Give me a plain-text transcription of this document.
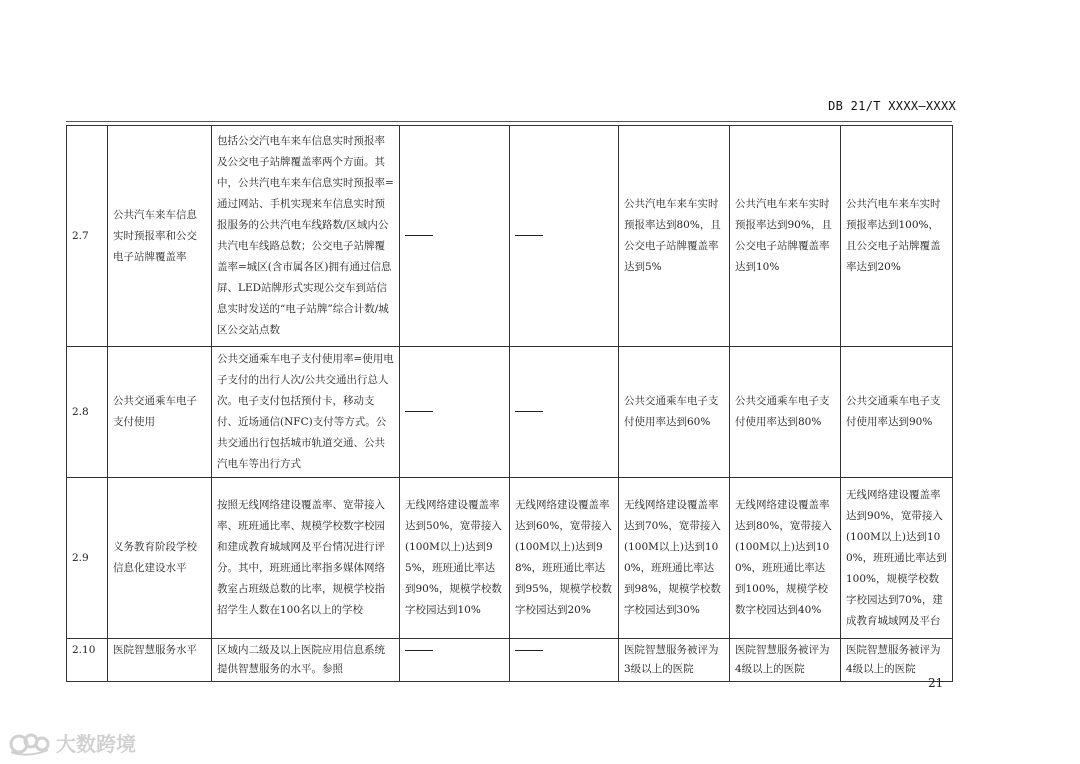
DB 21/T XXXX—XXXX
2.7	公共汽车来车信息实时预报率和公交电子站牌覆盖率	包括公交汽电车来车信息实时预报率及公交电子站牌覆盖率两个方面。其中，公共汽电车来车信息实时预报率=通过网站、手机实现来车信息实时预报服务的公共汽电车线路数/区域内公共汽电车线路总数；公交电子站牌覆盖率=城区(含市属各区)拥有通过信息屏、LED站牌形式实现公交车到站信息实时发送的“电子站牌”综合计数/城区公交站点数			公共汽电车来车实时预报率达到80%，且公交电子站牌覆盖率达到5%	公共汽电车来车实时预报率达到90%，且公交电子站牌覆盖率达到10%	公共汽电车来车实时预报率达到100%，且公交电子站牌覆盖率达到20%
2.8	公共交通乘车电子支付使用	公共交通乘车电子支付使用率=使用电子支付的出行人次/公共交通出行总人次。电子支付包括预付卡，移动支付、近场通信(NFC)支付等方式。公共交通出行包括城市轨道交通、公共汽电车等出行方式			公共交通乘车电子支付使用率达到60%	公共交通乘车电子支付使用率达到80%	公共交通乘车电子支付使用率达到90%
2.9	义务教育阶段学校信息化建设水平	按照无线网络建设覆盖率、宽带接入率、班班通比率、规模学校数字校园和建成教育城域网及平台情况进行评分。其中，班班通比率指多媒体网络教室占班级总数的比率，规模学校指招学生人数在100名以上的学校	无线网络建设覆盖率达到50%，宽带接入(100M以上)达到95%，班班通比率达到90%，规模学校数字校园达到10%	无线网络建设覆盖率达到60%，宽带接入(100M以上)达到98%，班班通比率达到95%，规模学校数字校园达到20%	无线网络建设覆盖率达到70%，宽带接入(100M以上)达到100%，班班通比率达到98%，规模学校数字校园达到30%	无线网络建设覆盖率达到80%，宽带接入(100M以上)达到100%，班班通比率达到100%，规模学校数字校园达到40%	无线网络建设覆盖率达到90%，宽带接入(100M以上)达到100%，班班通比率达到100%，规模学校数字校园达到70%，建成教育城域网及平台
2.10	医院智慧服务水平	区域内二级及以上医院应用信息系统提供智慧服务的水平。参照			医院智慧服务被评为3级以上的医院	医院智慧服务被评为4级以上的医院	医院智慧服务被评为4级以上的医院
21
大数跨境
